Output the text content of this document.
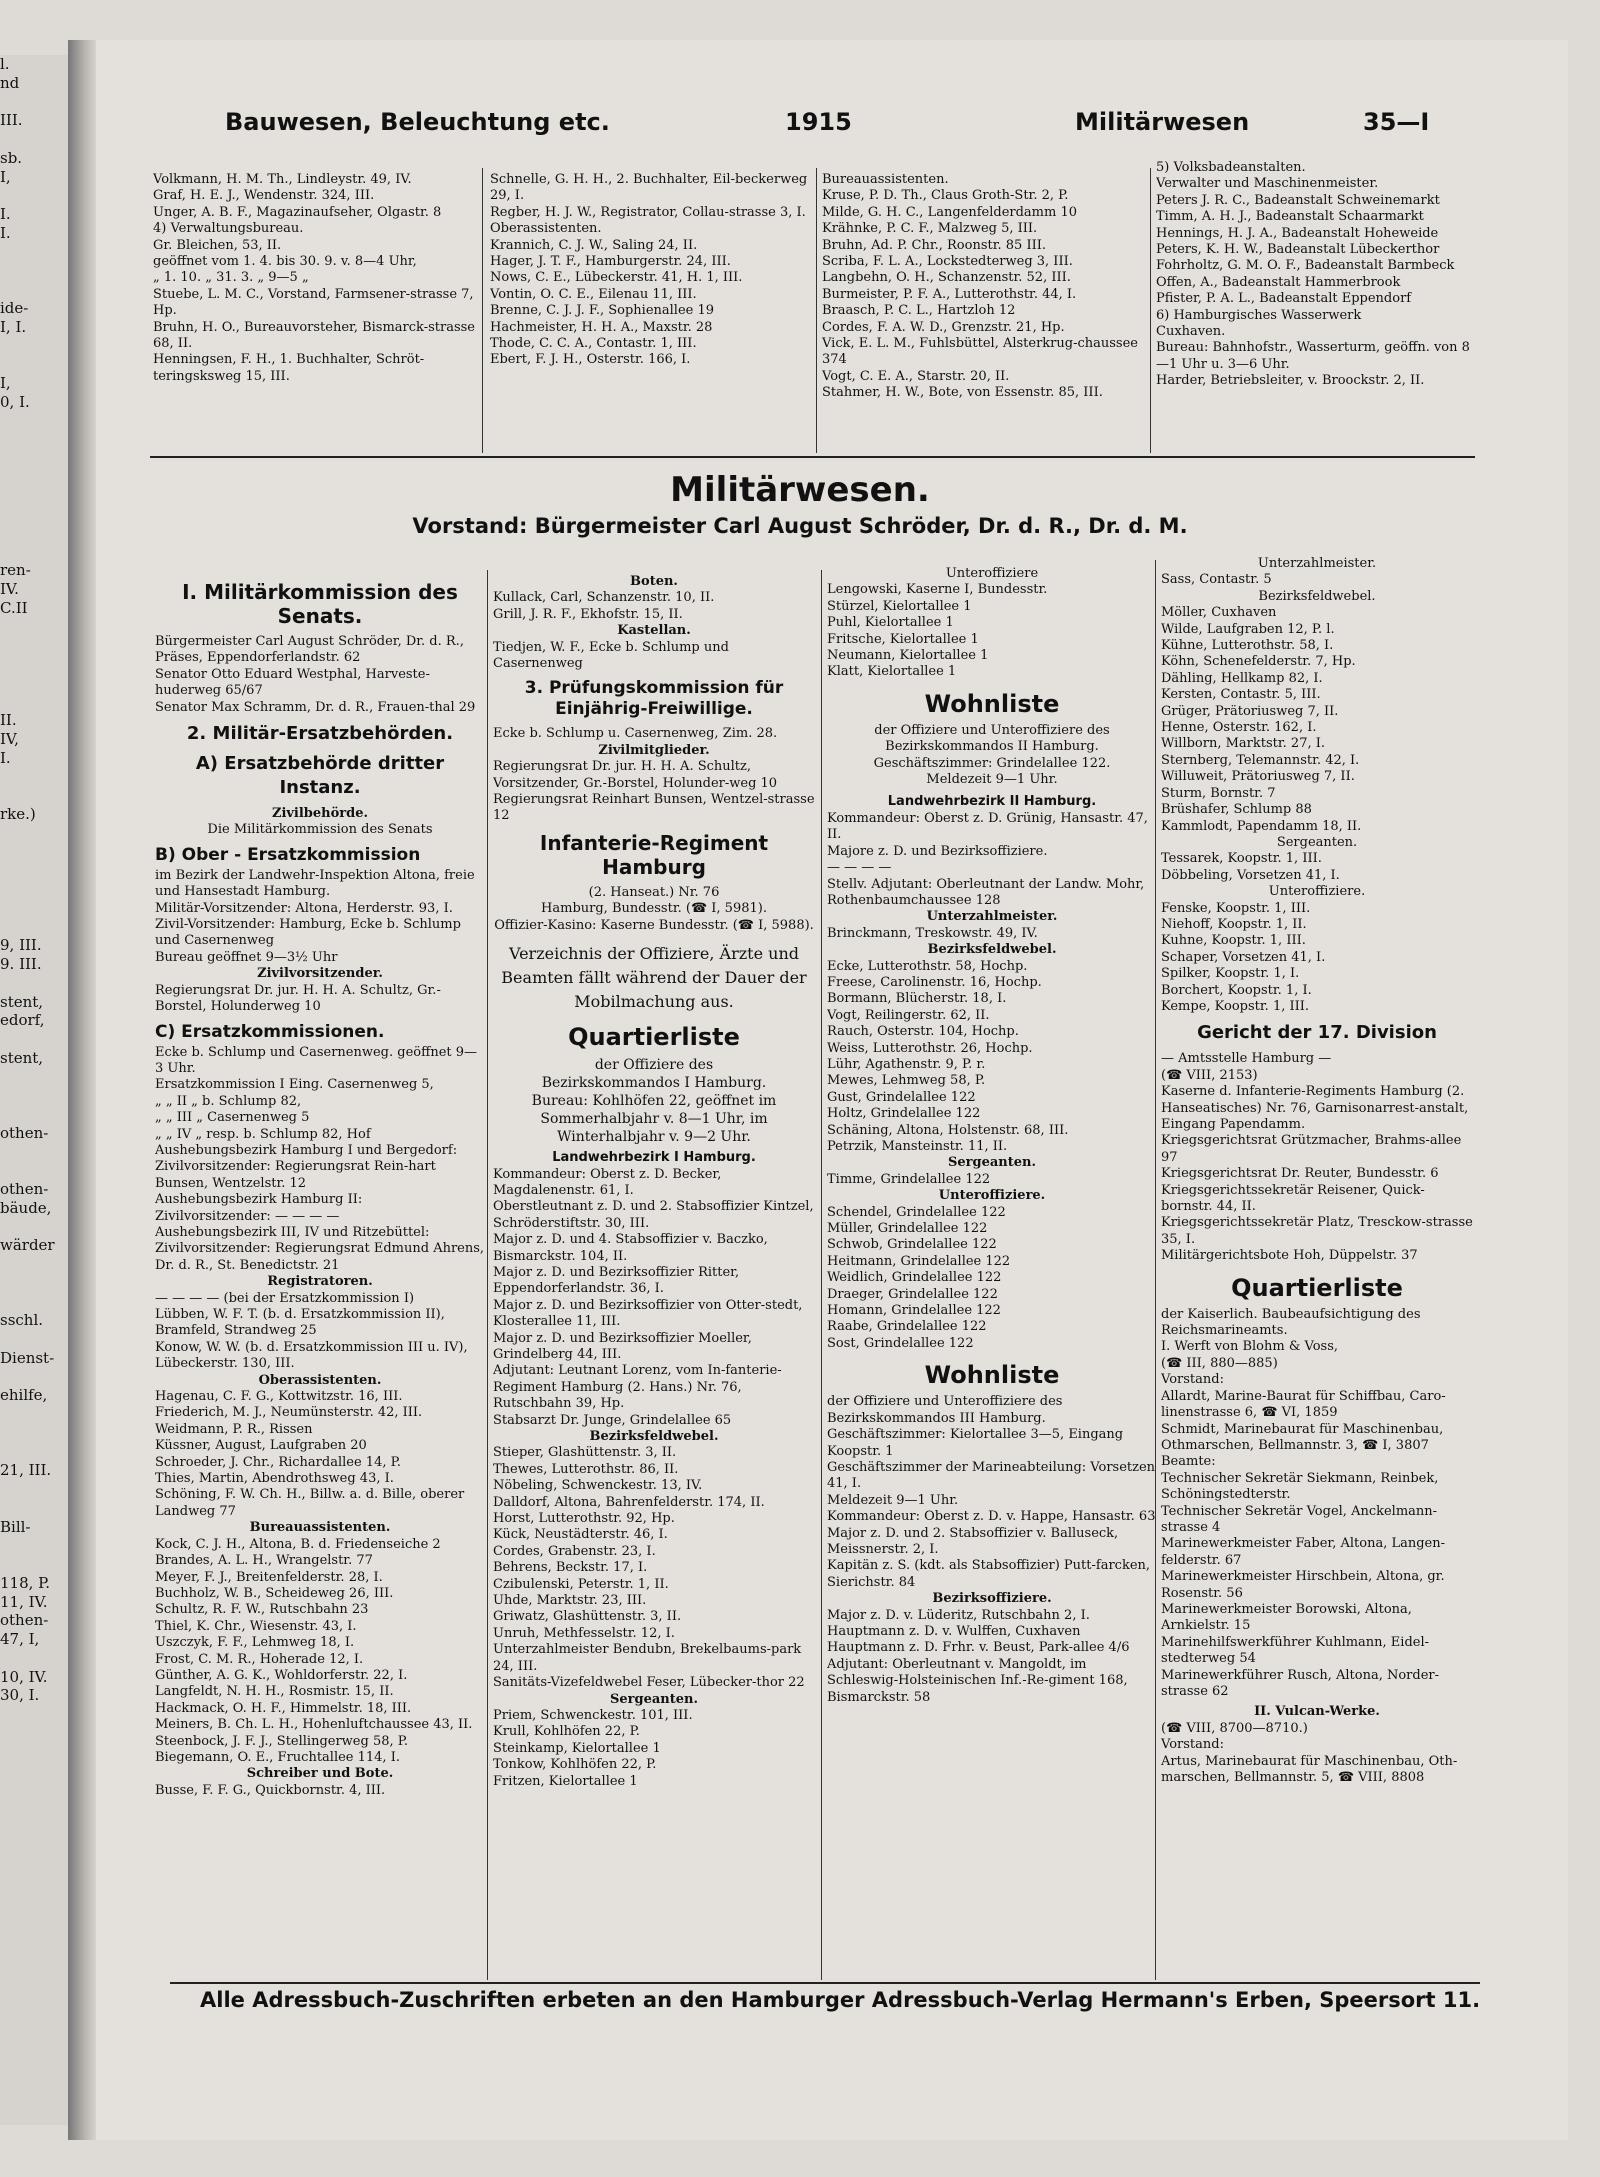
l.
nd

III.

sb.
I,

I.
I.

ide-
I, I.

I,
0, I.

ren-
IV.
C.II

II.
IV,
I.

rke.)

9, III.
9. III.

stent,
edorf,

stent,

othen-

othen-
bäude,

wärder

sschl.

Dienst-

ehilfe,

21, III.

Bill-

118, P.
11, IV.
othen-
47, I,

10, IV.
30, I.
Bauwesen, Beleuchtung etc.	1915	Militärwesen	35—I

Volkmann, H. M. Th., Lindleystr. 49, IV.

Graf, H. E. J., Wendenstr. 324, III.

Unger, A. B. F., Magazinaufseher, Olgastr. 8

4) Verwaltungsbureau.

Gr. Bleichen, 53, II.

geöffnet vom 1. 4. bis 30. 9. v. 8—4 Uhr,

„ 1. 10. „ 31. 3. „ 9—5 „

Stuebe, L. M. C., Vorstand, Farmsener-strasse 7, Hp.

Bruhn, H. O., Bureauvorsteher, Bismarck-strasse 68, II.

Henningsen, F. H., 1. Buchhalter, Schröt-teringsksweg 15, III.

Schnelle, G. H. H., 2. Buchhalter, Eil-beckerweg 29, I.

Regber, H. J. W., Registrator, Collau-strasse 3, I.

Oberassistenten.

Krannich, C. J. W., Saling 24, II.

Hager, J. T. F., Hamburgerstr. 24, III.

Nows, C. E., Lübeckerstr. 41, H. 1, III.

Vontin, O. C. E., Eilenau 11, III.

Brenne, C. J. J. F., Sophienallee 19

Hachmeister, H. H. A., Maxstr. 28

Thode, C. C. A., Contastr. 1, III.

Ebert, F. J. H., Osterstr. 166, I.

Bureauassistenten.

Kruse, P. D. Th., Claus Groth-Str. 2, P.

Milde, G. H. C., Langenfelderdamm 10

Krähnke, P. C. F., Malzweg 5, III.

Bruhn, Ad. P. Chr., Roonstr. 85 III.

Scriba, F. L. A., Lockstedterweg 3, III.

Langbehn, O. H., Schanzenstr. 52, III.

Burmeister, P. F. A., Lutterothstr. 44, I.

Braasch, P. C. L., Hartzloh 12

Cordes, F. A. W. D., Grenzstr. 21, Hp.

Vick, E. L. M., Fuhlsbüttel, Alsterkrug-chaussee 374

Vogt, C. E. A., Starstr. 20, II.

Stahmer, H. W., Bote, von Essenstr. 85, III.

5) Volksbadeanstalten.

Verwalter und Maschinenmeister.

Peters J. R. C., Badeanstalt Schweinemarkt

Timm, A. H. J., Badeanstalt Schaarmarkt

Hennings, H. J. A., Badeanstalt Hoheweide

Peters, K. H. W., Badeanstalt Lübeckerthor

Fohrholtz, G. M. O. F., Badeanstalt Barmbeck

Offen, A., Badeanstalt Hammerbrook

Pfister, P. A. L., Badeanstalt Eppendorf

6) Hamburgisches Wasserwerk

Cuxhaven.

Bureau: Bahnhofstr., Wasserturm, geöffn. von 8—1 Uhr u. 3—6 Uhr.

Harder, Betriebsleiter, v. Broockstr. 2, II.

Militärwesen.
Vorstand: Bürgermeister Carl August Schröder, Dr. d. R., Dr. d. M.
I. Militärkommission des Senats.

Bürgermeister Carl August Schröder, Dr. d. R., Präses, Eppendorferlandstr. 62

Senator Otto Eduard Westphal, Harveste-huderweg 65/67

Senator Max Schramm, Dr. d. R., Frauen-thal 29

2. Militär-Ersatzbehörden.
A) Ersatzbehörde dritter Instanz.
Zivilbehörde.

Die Militärkommission des Senats

B) Ober - Ersatzkommission

im Bezirk der Landwehr-Inspektion Altona, freie und Hansestadt Hamburg.

Militär-Vorsitzender: Altona, Herderstr. 93, I.

Zivil-Vorsitzender: Hamburg, Ecke b. Schlump und Casernenweg

Bureau geöffnet 9—3½ Uhr

Zivilvorsitzender.

Regierungsrat Dr. jur. H. H. A. Schultz, Gr.-Borstel, Holunderweg 10

C) Ersatzkommissionen.

Ecke b. Schlump und Casernenweg. geöffnet 9—3 Uhr.

Ersatzkommission I Eing. Casernenweg 5,

„ „ II „ b. Schlump 82,

„ „ III „ Casernenweg 5

„ „ IV „ resp. b. Schlump 82, Hof

Aushebungsbezirk Hamburg I und Bergedorf:

Zivilvorsitzender: Regierungsrat Rein-hart Bunsen, Wentzelstr. 12

Aushebungsbezirk Hamburg II:

Zivilvorsitzender: — — — —

Aushebungsbezirk III, IV und Ritzebüttel:

Zivilvorsitzender: Regierungsrat Edmund Ahrens, Dr. d. R., St. Benedictstr. 21

Registratoren.

— — — — (bei der Ersatzkommission I)

Lübben, W. F. T. (b. d. Ersatzkommission II), Bramfeld, Strandweg 25

Konow, W. W. (b. d. Ersatzkommission III u. IV), Lübeckerstr. 130, III.

Oberassistenten.

Hagenau, C. F. G., Kottwitzstr. 16, III.

Friederich, M. J., Neumünsterstr. 42, III.

Weidmann, P. R., Rissen

Küssner, August, Laufgraben 20

Schroeder, J. Chr., Richardallee 14, P.

Thies, Martin, Abendrothsweg 43, I.

Schöning, F. W. Ch. H., Billw. a. d. Bille, oberer Landweg 77

Bureauassistenten.

Kock, C. J. H., Altona, B. d. Friedenseiche 2

Brandes, A. L. H., Wrangelstr. 77

Meyer, F. J., Breitenfelderstr. 28, I.

Buchholz, W. B., Scheideweg 26, III.

Schultz, R. F. W., Rutschbahn 23

Thiel, K. Chr., Wiesenstr. 43, I.

Uszczyk, F. F., Lehmweg 18, I.

Frost, C. M. R., Hoherade 12, I.

Günther, A. G. K., Wohldorferstr. 22, I.

Langfeldt, N. H. H., Rosmistr. 15, II.

Hackmack, O. H. F., Himmelstr. 18, III.

Meiners, B. Ch. L. H., Hohenluftchaussee 43, II.

Steenbock, J. F. J., Stellingerweg 58, P.

Biegemann, O. E., Fruchtallee 114, I.

Schreiber und Bote.

Busse, F. F. G., Quickbornstr. 4, III.

Boten.

Kullack, Carl, Schanzenstr. 10, II.

Grill, J. R. F., Ekhofstr. 15, II.

Kastellan.

Tiedjen, W. F., Ecke b. Schlump und Casernenweg

3. Prüfungskommission für Einjährig-Freiwillige.

Ecke b. Schlump u. Casernenweg, Zim. 28.

Zivilmitglieder.

Regierungsrat Dr. jur. H. H. A. Schultz, Vorsitzender, Gr.-Borstel, Holunder-weg 10

Regierungsrat Reinhart Bunsen, Wentzel-strasse 12

Infanterie-Regiment Hamburg

(2. Hanseat.) Nr. 76

Hamburg, Bundesstr. (☎ I, 5981).

Offizier-Kasino: Kaserne Bundesstr. (☎ I, 5988).

Verzeichnis der Offiziere, Ärzte und Beamten fällt während der Dauer der Mobilmachung aus.

Quartierliste

der Offiziere des

Bezirkskommandos I Hamburg.

Bureau: Kohlhöfen 22, geöffnet im Sommerhalbjahr v. 8—1 Uhr, im Winterhalbjahr v. 9—2 Uhr.

Landwehrbezirk I Hamburg.

Kommandeur: Oberst z. D. Becker, Magdalenenstr. 61, I.

Oberstleutnant z. D. und 2. Stabsoffizier Kintzel, Schröderstiftstr. 30, III.

Major z. D. und 4. Stabsoffizier v. Baczko, Bismarckstr. 104, II.

Major z. D. und Bezirksoffizier Ritter, Eppendorferlandstr. 36, I.

Major z. D. und Bezirksoffizier von Otter-stedt, Klosterallee 11, III.

Major z. D. und Bezirksoffizier Moeller, Grindelberg 44, III.

Adjutant: Leutnant Lorenz, vom In-fanterie-Regiment Hamburg (2. Hans.) Nr. 76, Rutschbahn 39, Hp.

Stabsarzt Dr. Junge, Grindelallee 65

Bezirksfeldwebel.

Stieper, Glashüttenstr. 3, II.

Thewes, Lutterothstr. 86, II.

Nöbeling, Schwenckestr. 13, IV.

Dalldorf, Altona, Bahrenfelderstr. 174, II.

Horst, Lutterothstr. 92, Hp.

Kück, Neustädterstr. 46, I.

Cordes, Grabenstr. 23, I.

Behrens, Beckstr. 17, I.

Czibulenski, Peterstr. 1, II.

Uhde, Marktstr. 23, III.

Griwatz, Glashüttenstr. 3, II.

Unruh, Methfesselstr. 12, I.

Unterzahlmeister Bendubn, Brekelbaums-park 24, III.

Sanitäts-Vizefeldwebel Feser, Lübecker-thor 22

Sergeanten.

Priem, Schwenckestr. 101, III.

Krull, Kohlhöfen 22, P.

Steinkamp, Kielortallee 1

Tonkow, Kohlhöfen 22, P.

Fritzen, Kielortallee 1

Unteroffiziere

Lengowski, Kaserne I, Bundesstr.

Stürzel, Kielortallee 1

Puhl, Kielortallee 1

Fritsche, Kielortallee 1

Neumann, Kielortallee 1

Klatt, Kielortallee 1

Wohnliste

der Offiziere und Unteroffiziere des Bezirkskommandos II Hamburg.

Geschäftszimmer: Grindelallee 122.

Meldezeit 9—1 Uhr.

Landwehrbezirk II Hamburg.

Kommandeur: Oberst z. D. Grünig, Hansastr. 47, II.

Majore z. D. und Bezirksoffiziere.

— — — —

Stellv. Adjutant: Oberleutnant der Landw. Mohr, Rothenbaumchaussee 128

Unterzahlmeister.

Brinckmann, Treskowstr. 49, IV.

Bezirksfeldwebel.

Ecke, Lutterothstr. 58, Hochp.

Freese, Carolinenstr. 16, Hochp.

Bormann, Blücherstr. 18, I.

Vogt, Reilingerstr. 62, II.

Rauch, Osterstr. 104, Hochp.

Weiss, Lutterothstr. 26, Hochp.

Lühr, Agathenstr. 9, P. r.

Mewes, Lehmweg 58, P.

Gust, Grindelallee 122

Holtz, Grindelallee 122

Schäning, Altona, Holstenstr. 68, III.

Petrzik, Mansteinstr. 11, II.

Sergeanten.

Timme, Grindelallee 122

Unteroffiziere.

Schendel, Grindelallee 122

Müller, Grindelallee 122

Schwob, Grindelallee 122

Heitmann, Grindelallee 122

Weidlich, Grindelallee 122

Draeger, Grindelallee 122

Homann, Grindelallee 122

Raabe, Grindelallee 122

Sost, Grindelallee 122

Wohnliste

der Offiziere und Unteroffiziere des Bezirkskommandos III Hamburg.

Geschäftszimmer: Kielortallee 3—5, Eingang Koopstr. 1

Geschäftszimmer der Marineabteilung: Vorsetzen 41, I.

Meldezeit 9—1 Uhr.

Kommandeur: Oberst z. D. v. Happe, Hansastr. 63

Major z. D. und 2. Stabsoffizier v. Balluseck, Meissnerstr. 2, I.

Kapitän z. S. (kdt. als Stabsoffizier) Putt-farcken, Sierichstr. 84

Bezirksoffiziere.

Major z. D. v. Lüderitz, Rutschbahn 2, I.

Hauptmann z. D. v. Wulffen, Cuxhaven

Hauptmann z. D. Frhr. v. Beust, Park-allee 4/6

Adjutant: Oberleutnant v. Mangoldt, im Schleswig-Holsteinischen Inf.-Re-giment 168, Bismarckstr. 58

Unterzahlmeister.

Sass, Contastr. 5

Bezirksfeldwebel.

Möller, Cuxhaven

Wilde, Laufgraben 12, P. l.

Kühne, Lutterothstr. 58, I.

Köhn, Schenefelderstr. 7, Hp.

Dähling, Hellkamp 82, I.

Kersten, Contastr. 5, III.

Grüger, Prätoriusweg 7, II.

Henne, Osterstr. 162, I.

Willborn, Marktstr. 27, I.

Sternberg, Telemannstr. 42, I.

Willuweit, Prätoriusweg 7, II.

Sturm, Bornstr. 7

Brüshafer, Schlump 88

Kammlodt, Papendamm 18, II.

Sergeanten.

Tessarek, Koopstr. 1, III.

Döbbeling, Vorsetzen 41, I.

Unteroffiziere.

Fenske, Koopstr. 1, III.

Niehoff, Koopstr. 1, II.

Kuhne, Koopstr. 1, III.

Schaper, Vorsetzen 41, I.

Spilker, Koopstr. 1, I.

Borchert, Koopstr. 1, I.

Kempe, Koopstr. 1, III.

Gericht der 17. Division

— Amtsstelle Hamburg —

(☎ VIII, 2153)

Kaserne d. Infanterie-Regiments Hamburg (2. Hanseatisches) Nr. 76, Garnisonarrest-anstalt, Eingang Papendamm.

Kriegsgerichtsrat Grützmacher, Brahms-allee 97

Kriegsgerichtsrat Dr. Reuter, Bundesstr. 6

Kriegsgerichtssekretär Reisener, Quick-bornstr. 44, II.

Kriegsgerichtssekretär Platz, Tresckow-strasse 35, I.

Militärgerichtsbote Hoh, Düppelstr. 37

Quartierliste

der Kaiserlich. Baubeaufsichtigung des Reichsmarineamts.

I. Werft von Blohm & Voss,

(☎ III, 880—885)

Vorstand:

Allardt, Marine-Baurat für Schiffbau, Caro-linenstrasse 6, ☎ VI, 1859

Schmidt, Marinebaurat für Maschinenbau, Othmarschen, Bellmannstr. 3, ☎ I, 3807

Beamte:

Technischer Sekretär Siekmann, Reinbek, Schöningstedterstr.

Technischer Sekretär Vogel, Anckelmann-strasse 4

Marinewerkmeister Faber, Altona, Langen-felderstr. 67

Marinewerkmeister Hirschbein, Altona, gr. Rosenstr. 56

Marinewerkmeister Borowski, Altona, Arnkielstr. 15

Marinehilfswerkführer Kuhlmann, Eidel-stedterweg 54

Marinewerkführer Rusch, Altona, Norder-strasse 62

II. Vulcan-Werke.

(☎ VIII, 8700—8710.)

Vorstand:

Artus, Marinebaurat für Maschinenbau, Oth-marschen, Bellmannstr. 5, ☎ VIII, 8808

Alle Adressbuch-Zuschriften erbeten an den Hamburger Adressbuch-Verlag Hermann's Erben, Speersort 11.
